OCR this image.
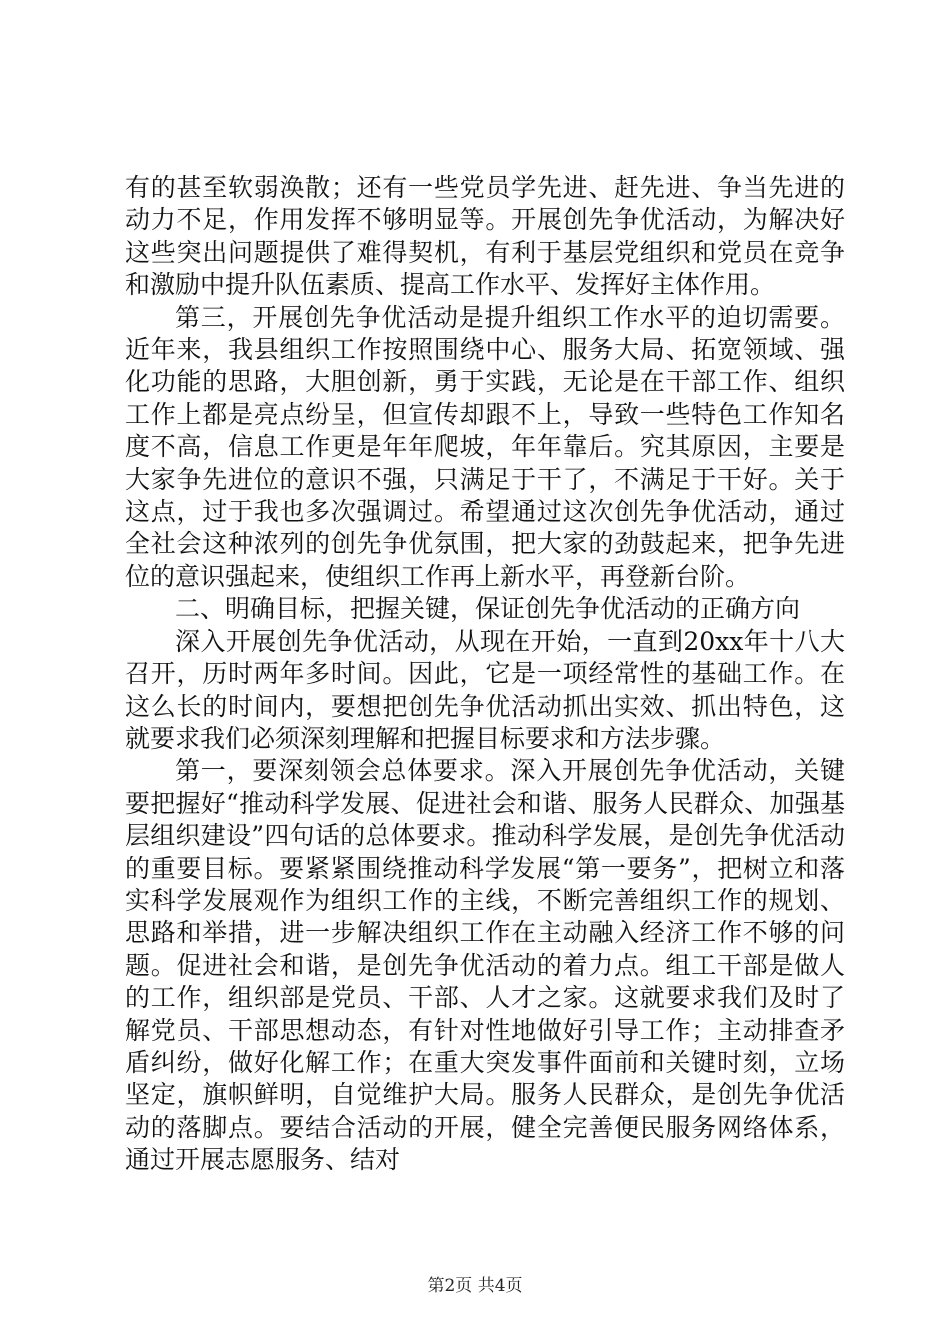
有的甚至软弱涣散；还有一些党员学先进、赶先进、争当先进的动力不足，作用发挥不够明显等。开展创先争优活动，为解决好这些突出问题提供了难得契机，有利于基层党组织和党员在竞争和激励中提升队伍素质、提高工作水平、发挥好主体作用。

第三，开展创先争优活动是提升组织工作水平的迫切需要。近年来，我县组织工作按照围绕中心、服务大局、拓宽领域、强化功能的思路，大胆创新，勇于实践，无论是在干部工作、组织工作上都是亮点纷呈，但宣传却跟不上，导致一些特色工作知名度不高，信息工作更是年年爬坡，年年靠后。究其原因，主要是大家争先进位的意识不强，只满足于干了，不满足于干好。关于这点，过于我也多次强调过。希望通过这次创先争优活动，通过全社会这种浓列的创先争优氛围，把大家的劲鼓起来，把争先进位的意识强起来，使组织工作再上新水平，再登新台阶。

二、明确目标，把握关键，保证创先争优活动的正确方向

深入开展创先争优活动，从现在开始，一直到20xx年十八大召开，历时两年多时间。因此，它是一项经常性的基础工作。在这么长的时间内，要想把创先争优活动抓出实效、抓出特色，这就要求我们必须深刻理解和把握目标要求和方法步骤。

第一，要深刻领会总体要求。深入开展创先争优活动，关键要把握好“推动科学发展、促进社会和谐、服务人民群众、加强基层组织建设”四句话的总体要求。推动科学发展，是创先争优活动的重要目标。要紧紧围绕推动科学发展“第一要务”，把树立和落实科学发展观作为组织工作的主线，不断完善组织工作的规划、思路和举措，进一步解决组织工作在主动融入经济工作不够的问题。促进社会和谐，是创先争优活动的着力点。组工干部是做人的工作，组织部是党员、干部、人才之家。这就要求我们及时了解党员、干部思想动态，有针对性地做好引导工作；主动排查矛盾纠纷，做好化解工作；在重大突发事件面前和关键时刻，立场坚定，旗帜鲜明，自觉维护大局。服务人民群众，是创先争优活动的落脚点。要结合活动的开展，健全完善便民服务网络体系，通过开展志愿服务、结对

第2页 共4页
